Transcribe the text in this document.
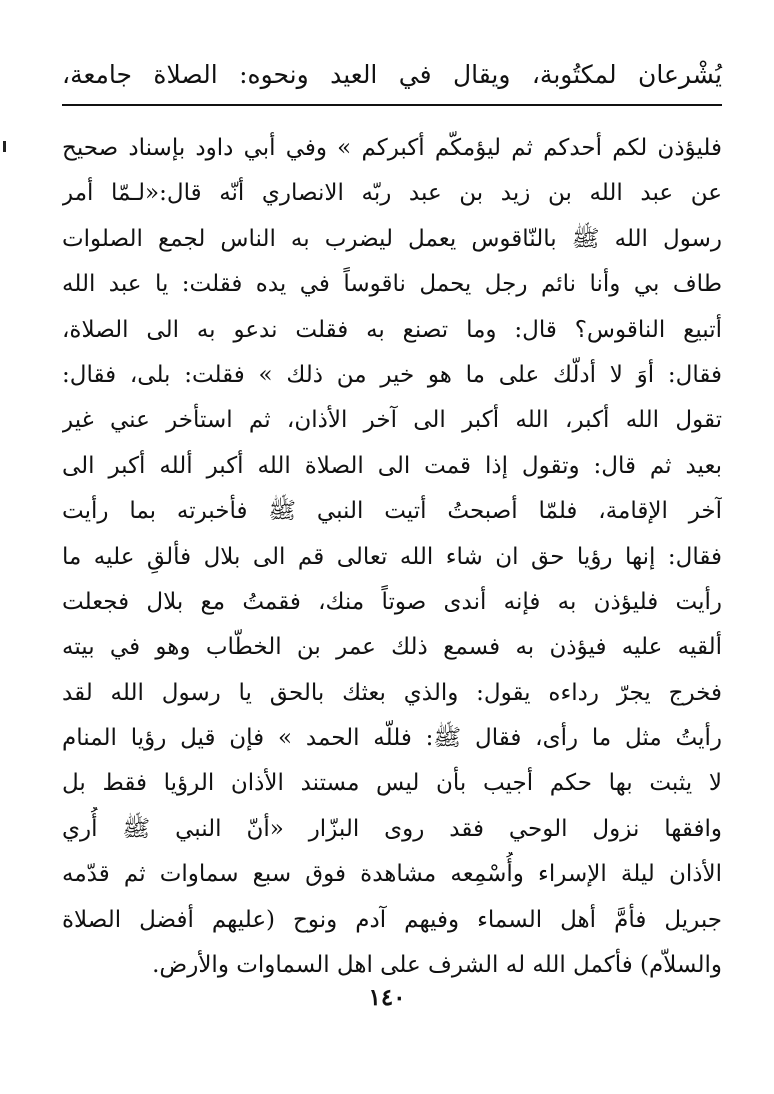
يُشْرعان لمكتُوبة، ويقال في العيد ونحوه: الصلاة جامعة،
فليؤذن لكم أحدكم ثم ليؤمكّم أكبركم » وفي أبي داود بإسناد صحيح
عن عبد الله بن زيد بن عبد ربّه الانصاري أنّه قال:«لـمّا أمر
رسول الله ﷺ بالنّاقوس يعمل ليضرب به الناس لجمع الصلوات
طاف بي وأنا نائم رجل يحمل ناقوساً في يده فقلت: يا عبد الله
أتبيع الناقوس؟ قال: وما تصنع به فقلت ندعو به الى الصلاة،
فقال: أوَ لا أدلّك على ما هو خير من ذلك » فقلت: بلى، فقال:
تقول الله أكبر، الله أكبر الى آخر الأذان، ثم استأخر عني غير
بعيد ثم قال: وتقول إذا قمت الى الصلاة الله أكبر ألله أكبر الى
آخر الإقامة، فلمّا أصبحتُ أتيت النبي ﷺ فأخبرته بما رأيت
فقال: إنها رؤيا حق ان شاء الله تعالى قم الى بلال فألقِ عليه ما
رأيت فليؤذن به فإنه أندى صوتاً منك، فقمتُ مع بلال فجعلت
ألقيه عليه فيؤذن به فسمع ذلك عمر بن الخطّاب وهو في بيته
فخرج يجرّ رداءه يقول: والذي بعثك بالحق يا رسول الله لقد
رأيتُ مثل ما رأى، فقال ﷺ: فللّه الحمد » فإن قيل رؤيا المنام
لا يثبت بها حكم أجيب بأن ليس مستند الأذان الرؤيا فقط بل
وافقها نزول الوحي فقد روى البزّار «أنّ النبي ﷺ أُري
الأذان ليلة الإسراء وأُسْمِعه مشاهدة فوق سبع سماوات ثم قدّمه
جبريل فأمَّ أهل السماء وفيهم آدم ونوح (عليهم أفضل الصلاة
والسلاّم) فأكمل الله له الشرف على اهل السماوات والأرض.
١٤٠
